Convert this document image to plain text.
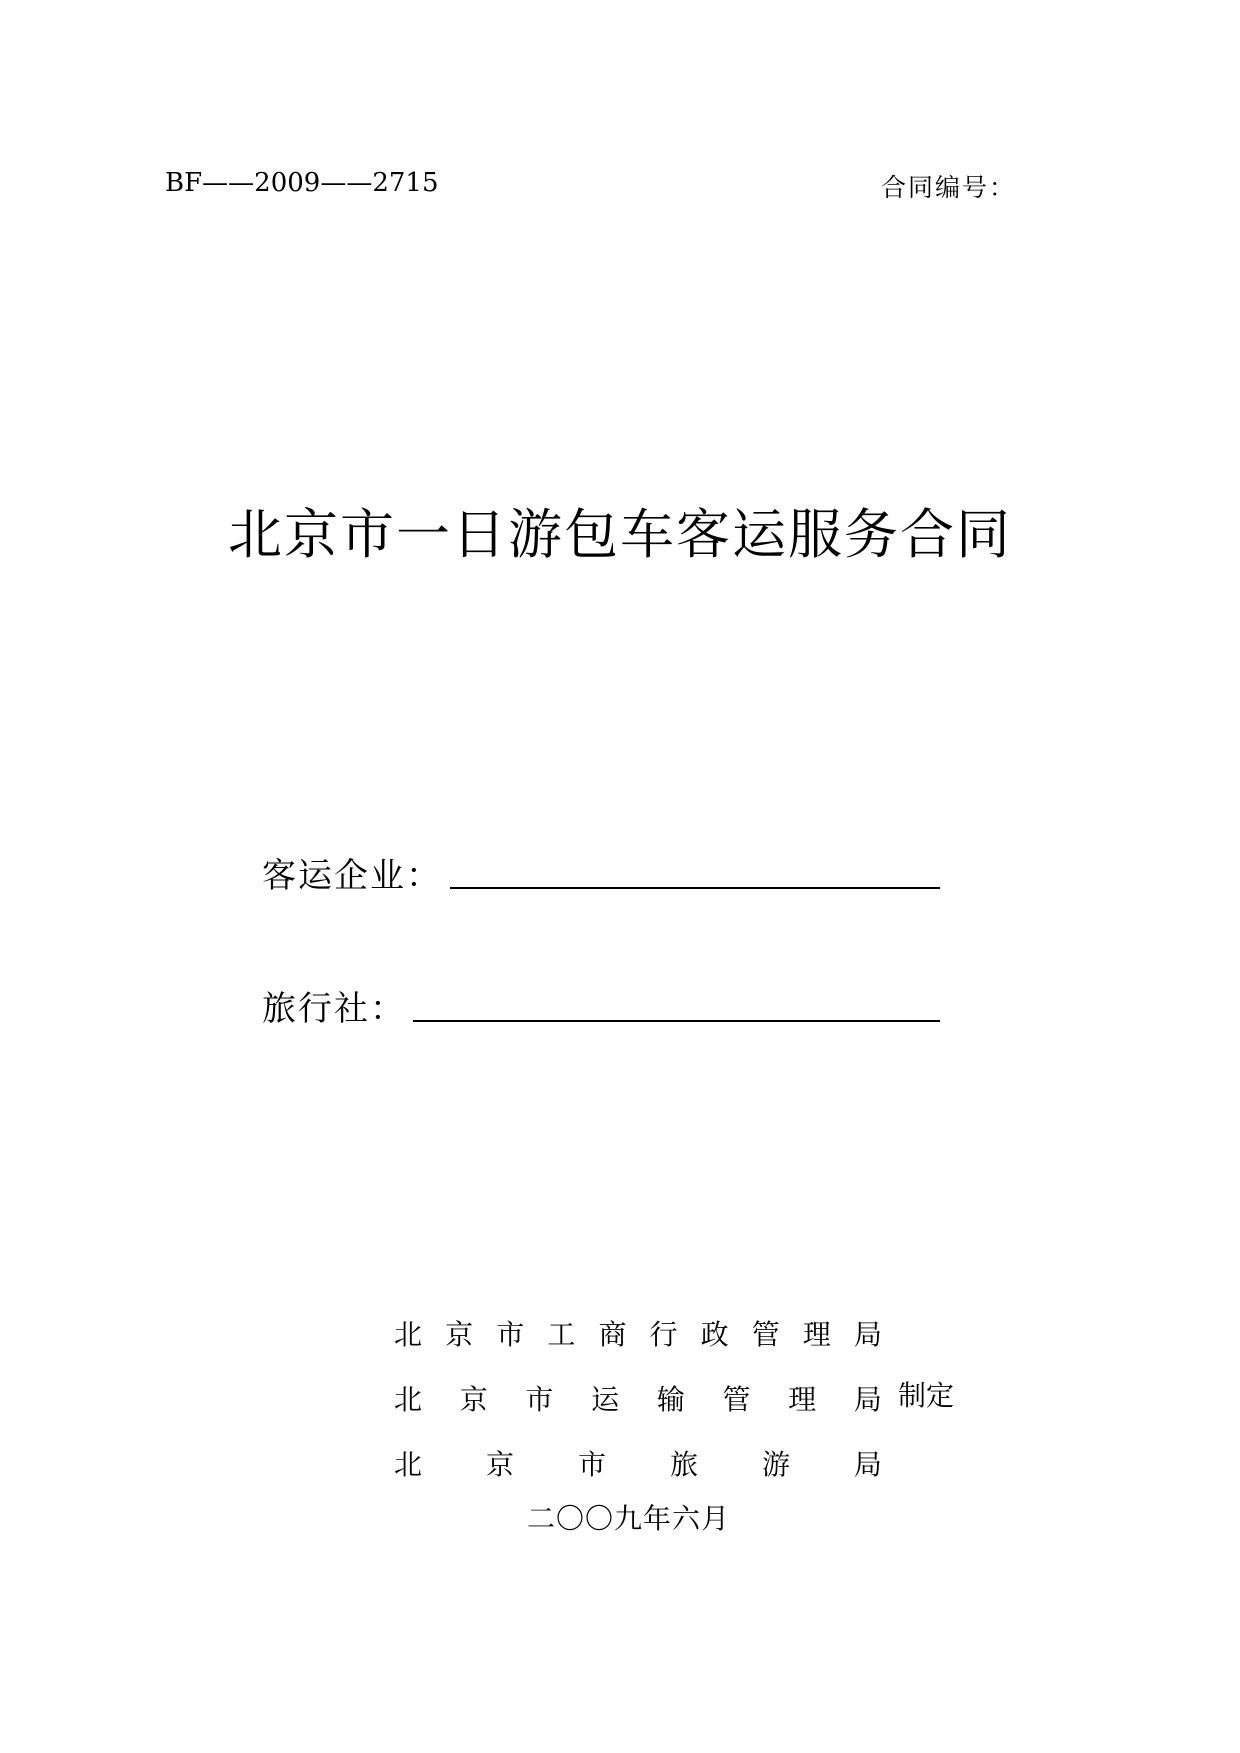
BF——2009——2715	合同编号：
北京市一日游包车客运服务合同
客运企业：
旅行社：
北 京 市 工 商 行 政 管 理 局
北 京 市 运 输 管 理 局 制定
北 京 市 旅 游 局
二〇〇九年六月
